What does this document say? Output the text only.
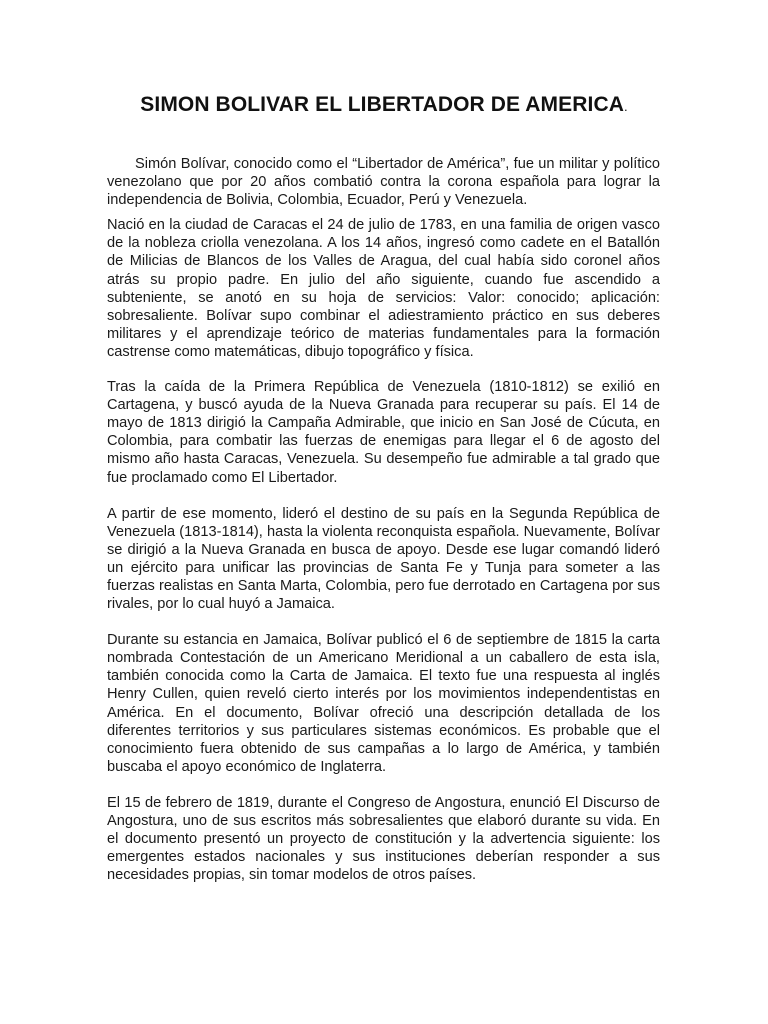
SIMON BOLIVAR EL LIBERTADOR DE AMERICA.

Simón Bolívar, conocido como el “Libertador de América”, fue un militar y político venezolano que por 20 años combatió contra la corona española para lograr la independencia de Bolivia, Colombia, Ecuador, Perú y Venezuela.

Nació en la ciudad de Caracas el 24 de julio de 1783, en una familia de origen vasco de la nobleza criolla venezolana. A los 14 años, ingresó como cadete en el Batallón de Milicias de Blancos de los Valles de Aragua, del cual había sido coronel años atrás su propio padre. En julio del año siguiente, cuando fue ascendido a subteniente, se anotó en su hoja de servicios: Valor: conocido; aplicación: sobresaliente. Bolívar supo combinar el adiestramiento práctico en sus deberes militares y el aprendizaje teórico de materias fundamentales para la formación castrense como matemáticas, dibujo topográfico y física.

Tras la caída de la Primera República de Venezuela (1810-1812) se exilió en Cartagena, y buscó ayuda de la Nueva Granada para recuperar su país. El 14 de mayo de 1813 dirigió la Campaña Admirable, que inicio en San José de Cúcuta, en Colombia, para combatir las fuerzas de enemigas para llegar el 6 de agosto del mismo año hasta Caracas, Venezuela. Su desempeño fue admirable a tal grado que fue proclamado como El Libertador.

A partir de ese momento, lideró el destino de su país en la Segunda República de Venezuela (1813-1814), hasta la violenta reconquista española. Nuevamente, Bolívar se dirigió a la Nueva Granada en busca de apoyo. Desde ese lugar comandó lideró un ejército para unificar las provincias de Santa Fe y Tunja para someter a las fuerzas realistas en Santa Marta, Colombia, pero fue derrotado en Cartagena por sus rivales, por lo cual huyó a Jamaica.

Durante su estancia en Jamaica, Bolívar publicó el 6 de septiembre de 1815 la carta nombrada Contestación de un Americano Meridional a un caballero de esta isla, también conocida como la Carta de Jamaica. El texto fue una respuesta al inglés Henry Cullen, quien reveló cierto interés por los movimientos independentistas en América. En el documento, Bolívar ofreció una descripción detallada de los diferentes territorios y sus particulares sistemas económicos. Es probable que el conocimiento fuera obtenido de sus campañas a lo largo de América, y también buscaba el apoyo económico de Inglaterra.

El 15 de febrero de 1819, durante el Congreso de Angostura, enunció El Discurso de Angostura, uno de sus escritos más sobresalientes que elaboró durante su vida. En el documento presentó un proyecto de constitución y la advertencia siguiente: los emergentes estados nacionales y sus instituciones deberían responder a sus necesidades propias, sin tomar modelos de otros países.
